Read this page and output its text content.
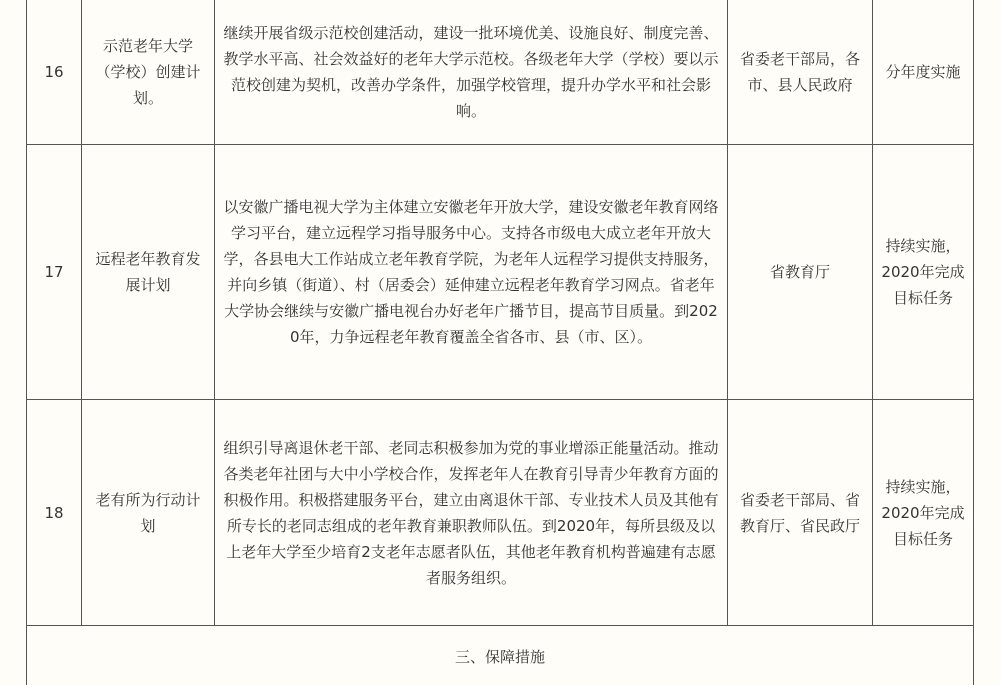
16	示范老年大学（学校）创建计划。	继续开展省级示范校创建活动，建设一批环境优美、设施良好、制度完善、教学水平高、社会效益好的老年大学示范校。各级老年大学（学校）要以示范校创建为契机，改善办学条件，加强学校管理，提升办学水平和社会影响。	省委老干部局，各市、县人民政府	分年度实施
17	远程老年教育发展计划	以安徽广播电视大学为主体建立安徽老年开放大学，建设安徽老年教育网络学习平台，建立远程学习指导服务中心。支持各市级电大成立老年开放大学，各县电大工作站成立老年教育学院，为老年人远程学习提供支持服务，并向乡镇（街道）、村（居委会）延伸建立远程老年教育学习网点。省老年大学协会继续与安徽广播电视台办好老年广播节目，提高节目质量。到2020年，力争远程老年教育覆盖全省各市、县（市、区）。	省教育厅	持续实施，2020年完成目标任务
18	老有所为行动计划	组织引导离退休老干部、老同志积极参加为党的事业增添正能量活动。推动各类老年社团与大中小学校合作，发挥老年人在教育引导青少年教育方面的积极作用。积极搭建服务平台，建立由离退休干部、专业技术人员及其他有所专长的老同志组成的老年教育兼职教师队伍。到2020年，每所县级及以上老年大学至少培育2支老年志愿者队伍，其他老年教育机构普遍建有志愿者服务组织。	省委老干部局、省教育厅、省民政厅	持续实施，2020年完成目标任务
三、保障措施				
